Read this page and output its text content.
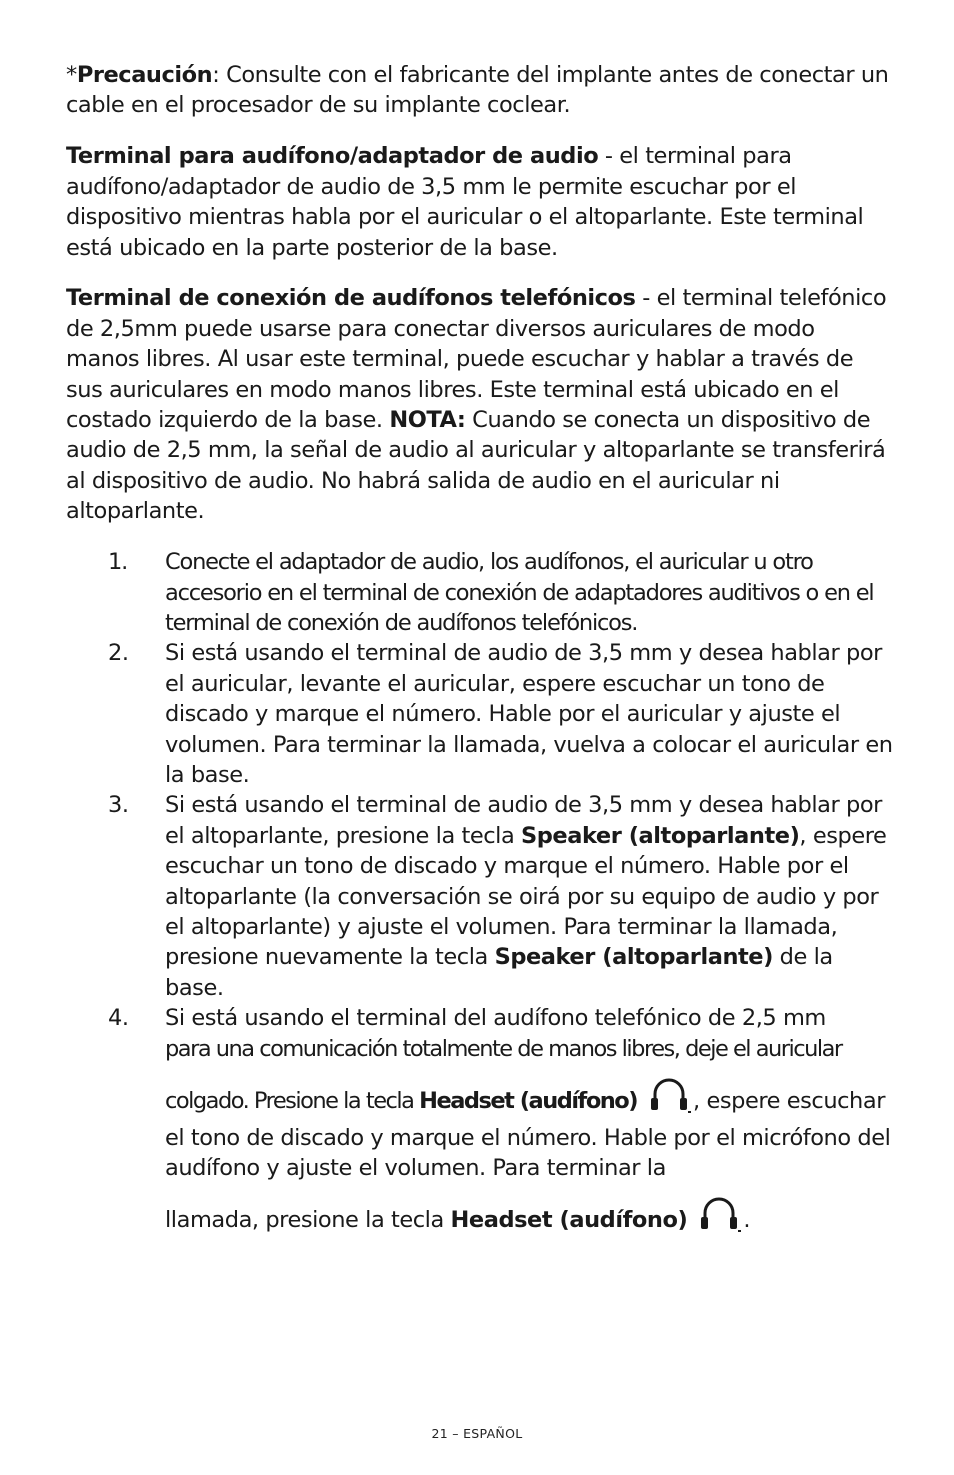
*Precaución: Consulte con el fabricante del implante antes de conectar un cable en el procesador de su implante coclear.

Terminal para audífono/adaptador de audio - el terminal para audífono/adaptador de audio de 3,5 mm le permite escuchar por el dispositivo mientras habla por el auricular o el altoparlante. Este terminal está ubicado en la parte posterior de la base.

Terminal de conexión de audífonos telefónicos - el terminal telefónico de 2,5mm puede usarse para conectar diversos auriculares de modo manos libres. Al usar este terminal, puede escuchar y hablar a través de sus auriculares en modo manos libres. Este terminal está ubicado en el costado izquierdo de la base. NOTA: Cuando se conecta un dispositivo de audio de 2,5 mm, la señal de audio al auricular y altoparlante se transferirá al dispositivo de audio. No habrá salida de audio en el auricular ni altoparlante.

1. Conecte el adaptador de audio, los audífonos, el auricular u otro accesorio en el terminal de conexión de adaptadores auditivos o en el terminal de conexión de audífonos telefónicos.
2. Si está usando el terminal de audio de 3,5 mm y desea hablar por el auricular, levante el auricular, espere escuchar un tono de discado y marque el número. Hable por el auricular y ajuste el volumen. Para terminar la llamada, vuelva a colocar el auricular en la base.
3. Si está usando el terminal de audio de 3,5 mm y desea hablar por el altoparlante, presione la tecla Speaker (altoparlante), espere escuchar un tono de discado y marque el número. Hable por el altoparlante (la conversación se oirá por su equipo de audio y por el altoparlante) y ajuste el volumen. Para terminar la llamada, presione nuevamente la tecla Speaker (altoparlante) de la base.
4. Si está usando el terminal del audífono telefónico de 2,5 mm
para una comunicación totalmente de manos libres, deje el auricular
colgado. Presione la tecla Headset (audífono) , espere escuchar el tono de discado y marque el número. Hable por el micrófono del audífono y ajuste el volumen. Para terminar la
llamada, presione la tecla Headset (audífono) .
21 – ESPAÑOL
